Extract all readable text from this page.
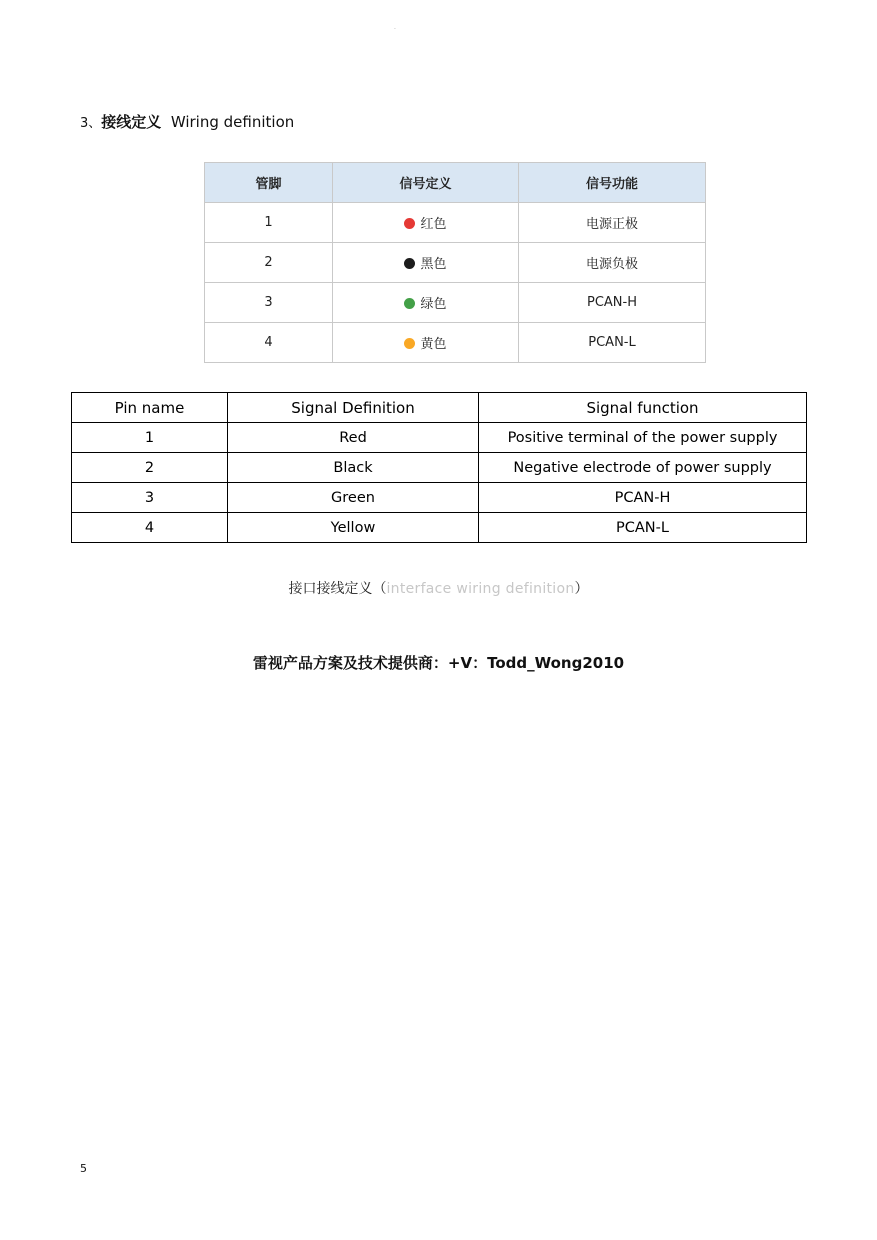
.
3、接线定义 Wiring definition
管脚	信号定义	信号功能
1	红色	电源正极
2	黑色	电源负极
3	绿色	PCAN-H
4	黄色	PCAN-L
Pin name	Signal Definition	Signal function
1	Red	Positive terminal of the power supply
2	Black	Negative electrode of power supply
3	Green	PCAN-H
4	Yellow	PCAN-L
接口接线定义（interface wiring definition）
雷视产品方案及技术提供商：+V：Todd_Wong2010
5
